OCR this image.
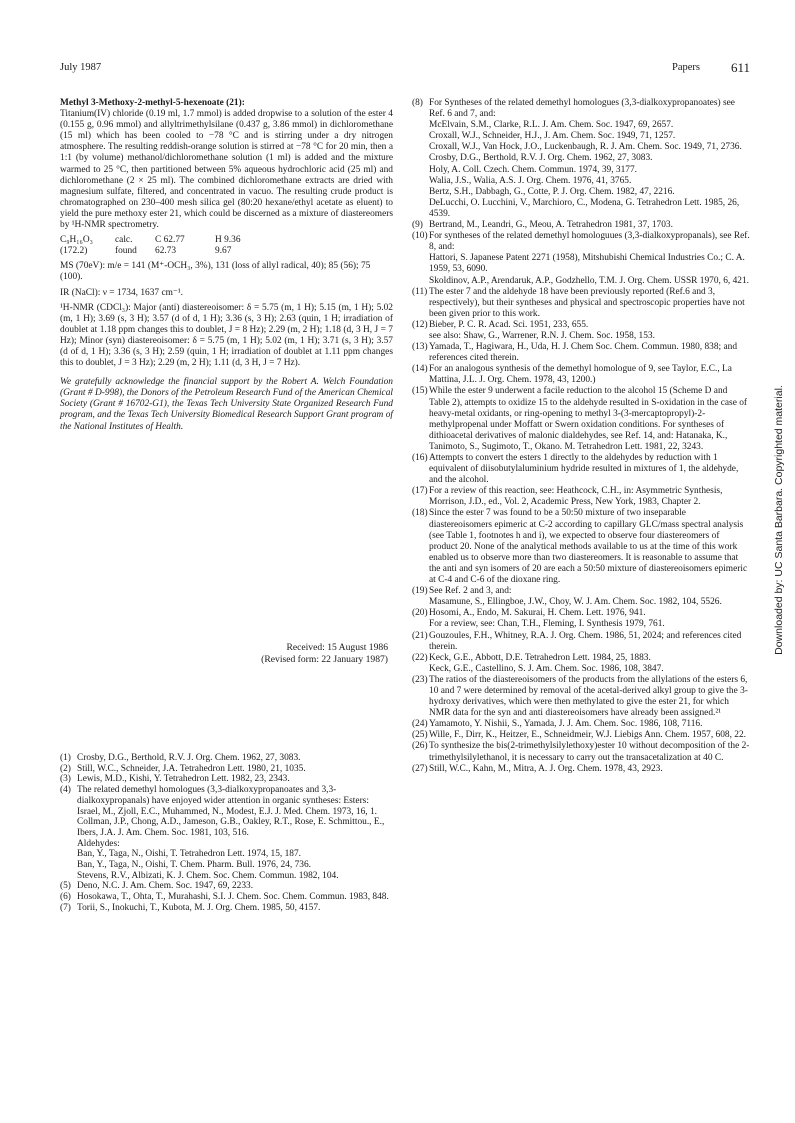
July 1987	Papers 611
Methyl 3-Methoxy-2-methyl-5-hexenoate (21):

Titanium(IV) chloride (0.19 ml, 1.7 mmol) is added dropwise to a solution of the ester 4 (0.155 g, 0.96 mmol) and allyltrimethylsilane (0.437 g, 3.86 mmol) in dichloromethane (15 ml) which has been cooled to −78 °C and is stirring under a dry nitrogen atmosphere. The resulting reddish-orange solution is stirred at −78 °C for 20 min, then a 1:1 (by volume) methanol/dichloromethane solution (1 ml) is added and the mixture warmed to 25 °C, then partitioned between 5% aqueous hydrochloric acid (25 ml) and dichloromethane (2 × 25 ml). The combined dichloromethane extracts are dried with magnesium sulfate, filtered, and concentrated in vacuo. The resulting crude product is chromatographed on 230–400 mesh silica gel (80:20 hexane/ethyl acetate as eluent) to yield the pure methoxy ester 21, which could be discerned as a mixture of diastereomers by ¹H-NMR spectrometry.

C₉H₁₆O₃	calc.	C 62.77	H 9.36
(172.2)	found	62.73	9.67
MS (70eV): m/e = 141 (M⁺-OCH₃, 3%), 131 (loss of allyl radical, 40); 85 (56); 75 (100).
IR (NaCl): ν = 1734, 1637 cm⁻¹.
¹H-NMR (CDCl₃): Major (anti) diastereoisomer: δ = 5.75 (m, 1 H); 5.15 (m, 1 H); 5.02 (m, 1 H); 3.69 (s, 3 H); 3.57 (d of d, 1 H); 3.36 (s, 3 H); 2.63 (quin, 1 H; irradiation of doublet at 1.18 ppm changes this to doublet, J = 8 Hz); 2.29 (m, 2 H); 1.18 (d, 3 H, J = 7 Hz); Minor (syn) diastereoisomer: δ = 5.75 (m, 1 H); 5.02 (m, 1 H); 3.71 (s, 3 H); 3.57 (d of d, 1 H); 3.36 (s, 3 H); 2.59 (quin, 1 H; irradiation of doublet at 1.11 ppm changes this to doublet, J = 3 Hz); 2.29 (m, 2 H); 1.11 (d, 3 H, J = 7 Hz).
We gratefully acknowledge the financial support by the Robert A. Welch Foundation (Grant # D-998), the Donors of the Petroleum Research Fund of the American Chemical Society (Grant # 16702-G1), the Texas Tech University State Organized Research Fund program, and the Texas Tech University Biomedical Research Support Grant program of the National Institutes of Health.
Received: 15 August 1986
(Revised form: 22 January 1987)
(1) Crosby, D.G., Berthold, R.V. J. Org. Chem. 1962, 27, 3083.
(2) Still, W.C., Schneider, J.A. Tetrahedron Lett. 1980, 21, 1035.
(3) Lewis, M.D., Kishi, Y. Tetrahedron Lett. 1982, 23, 2343.
(4) The related demethyl homologues (3,3-dialkoxypropanoates and 3,3-dialkoxypropanals) have enjoyed wider attention in organic syntheses: Esters:
Israel, M., Zjoll, E.C., Muhammed, N., Modest, E.J. J. Med. Chem. 1973, 16, 1.
Collman, J.P., Chong, A.D., Jameson, G.B., Oakley, R.T., Rose, E. Schmittou., E., Ibers, J.A. J. Am. Chem. Soc. 1981, 103, 516.
Aldehydes:
Ban, Y., Taga, N., Oishi, T. Tetrahedron Lett. 1974, 15, 187.
Ban, Y., Taga, N., Oishi, T. Chem. Pharm. Bull. 1976, 24, 736.
Stevens, R.V., Albizati, K. J. Chem. Soc. Chem. Commun. 1982, 104.
(5) Deno, N.C. J. Am. Chem. Soc. 1947, 69, 2233.
(6) Hosokawa, T., Ohta, T., Murahashi, S.I. J. Chem. Soc. Chem. Commun. 1983, 848.
(7) Torii, S., Inokuchi, T., Kubota, M. J. Org. Chem. 1985, 50, 4157.
(8) For Syntheses of the related demethyl homologues (3,3-dialkoxypropanoates) see Ref. 6 and 7, and:
McElvain, S.M., Clarke, R.L. J. Am. Chem. Soc. 1947, 69, 2657.
Croxall, W.J., Schneider, H.J., J. Am. Chem. Soc. 1949, 71, 1257.
Croxall, W.J., Van Hock, J.O., Luckenbaugh, R. J. Am. Chem. Soc. 1949, 71, 2736.
Crosby, D.G., Berthold, R.V. J. Org. Chem. 1962, 27, 3083.
Holy, A. Coll. Czech. Chem. Commun. 1974, 39, 3177.
Walia, J.S., Walia, A.S. J. Org. Chem. 1976, 41, 3765.
Bertz, S.H., Dabbagh, G., Cotte, P. J. Org. Chem. 1982, 47, 2216.
DeLucchi, O. Lucchini, V., Marchioro, C., Modena, G. Tetrahedron Lett. 1985, 26, 4539.
(9) Bertrand, M., Leandri, G., Meou, A. Tetrahedron 1981, 37, 1703.
(10) For syntheses of the related demethyl homologuues (3,3-dialkoxypropanals), see Ref. 8, and:
Hattori, S. Japanese Patent 2271 (1958), Mitshubishi Chemical Industries Co.; C. A. 1959, 53, 6090.
Skoldinov, A.P., Arendaruk, A.P., Godzhello, T.M. J. Org. Chem. USSR 1970, 6, 421.
(11) The ester 7 and the aldehyde 18 have been previously reported (Ref.6 and 3, respectively), but their syntheses and physical and spectroscopic properties have not been given prior to this work.
(12) Bieber, P. C. R. Acad. Sci. 1951, 233, 655.
see also: Shaw, G., Warrener, R.N. J. Chem. Soc. 1958, 153.
(13) Yamada, T., Hagiwara, H., Uda, H. J. Chem Soc. Chem. Commun. 1980, 838; and references cited therein.
(14) For an analogous synthesis of the demethyl homologue of 9, see Taylor, E.C., La Mattina, J.L. J. Org. Chem. 1978, 43, 1200.)
(15) While the ester 9 underwent a facile reduction to the alcohol 15 (Scheme D and Table 2), attempts to oxidize 15 to the aldehyde resulted in S-oxidation in the case of heavy-metal oxidants, or ring-opening to methyl 3-(3-mercaptopropyl)-2-methylpropenal under Moffatt or Swern oxidation conditions. For syntheses of dithioacetal derivatives of malonic dialdehydes, see Ref. 14, and: Hatanaka, K., Tanimoto, S., Sugimoto, T., Okano. M. Tetrahedron Lett. 1981, 22, 3243.
(16) Attempts to convert the esters 1 directly to the aldehydes by reduction with 1 equivalent of diisobutylaluminium hydride resulted in mixtures of 1, the aldehyde, and the alcohol.
(17) For a review of this reaction, see: Heathcock, C.H., in: Asymmetric Synthesis, Morrison, J.D., ed., Vol. 2, Academic Press, New York, 1983, Chapter 2.
(18) Since the ester 7 was found to be a 50:50 mixture of two inseparable diastereoisomers epimeric at C-2 according to capillary GLC/mass spectral analysis (see Table 1, footnotes h and i), we expected to observe four diastereomers of product 20. None of the analytical methods available to us at the time of this work enabled us to observe more than two diastereomers. It is reasonable to assume that the anti and syn isomers of 20 are each a 50:50 mixture of diastereoisomers epimeric at C-4 and C-6 of the dioxane ring.
(19) See Ref. 2 and 3, and:
Masamune, S., Ellingboe, J.W., Choy, W. J. Am. Chem. Soc. 1982, 104, 5526.
(20) Hosomi, A., Endo, M. Sakurai, H. Chem. Lett. 1976, 941.
For a review, see: Chan, T.H., Fleming, I. Synthesis 1979, 761.
(21) Gouzoules, F.H., Whitney, R.A. J. Org. Chem. 1986, 51, 2024; and references cited therein.
(22) Keck, G.E., Abbott, D.E. Tetrahedron Lett. 1984, 25, 1883.
Keck, G.E., Castellino, S. J. Am. Chem. Soc. 1986, 108, 3847.
(23) The ratios of the diastereoisomers of the products from the allylations of the esters 6, 10 and 7 were determined by removal of the acetal-derived alkyl group to give the 3-hydroxy derivatives, which were then methylated to give the ester 21, for which NMR data for the syn and anti diastereoisomers have already been assigned.²¹
(24) Yamamoto, Y. Nishii, S., Yamada, J. J. Am. Chem. Soc. 1986, 108, 7116.
(25) Wille, F., Dirr, K., Heitzer, E., Schneidmeir, W.J. Liebigs Ann. Chem. 1957, 608, 22.
(26) To synthesize the bis(2-trimethylsilylethoxy)ester 10 without decomposition of the 2-trimethylsilylethanol, it is necessary to carry out the transacetalization at 40 C.
(27) Still, W.C., Kahn, M., Mitra, A. J. Org. Chem. 1978, 43, 2923.
Downloaded by: UC Santa Barbara. Copyrighted material.
